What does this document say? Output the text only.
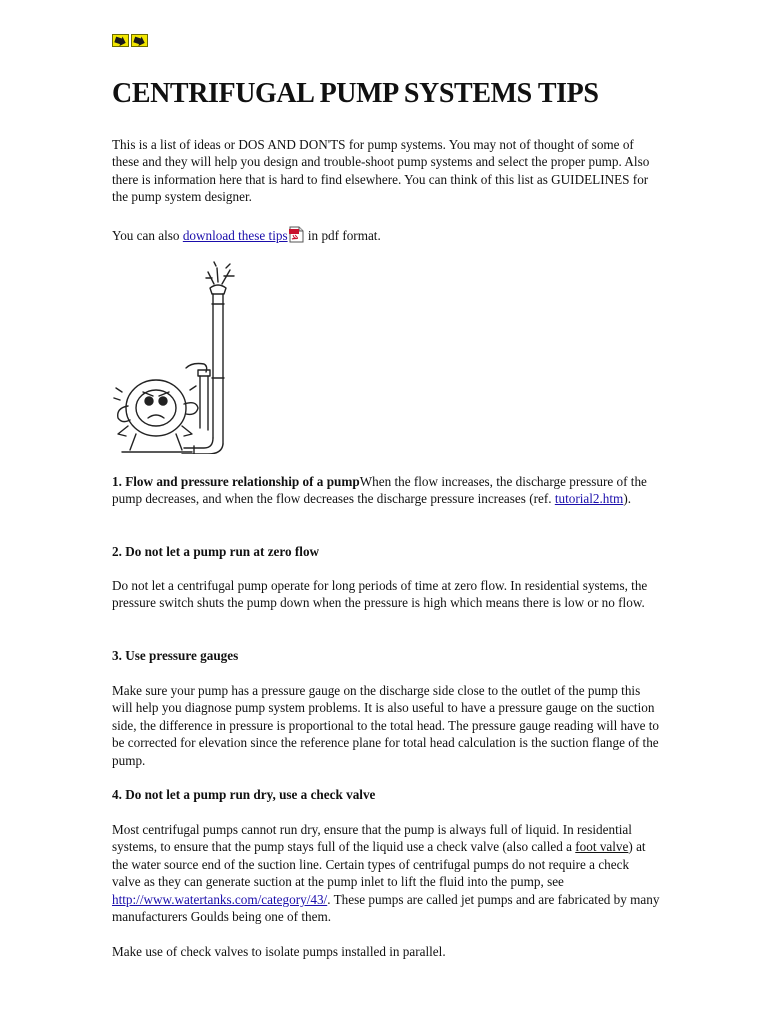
CENTRIFUGAL PUMP SYSTEMS TIPS

This is a list of ideas or DOS AND DON'TS for pump systems. You may not of thought of some of these and they will help you design and trouble-shoot pump systems and select the proper pump. Also there is information here that is hard to find elsewhere. You can think of this list as GUIDELINES for the pump system designer.

You can also download these tips in pdf format.

1. Flow and pressure relationship of a pumpWhen the flow increases, the discharge pressure of the pump decreases, and when the flow decreases the discharge pressure increases (ref. tutorial2.htm).

2. Do not let a pump run at zero flow

Do not let a centrifugal pump operate for long periods of time at zero flow. In residential systems, the pressure switch shuts the pump down when the pressure is high which means there is low or no flow.

3. Use pressure gauges

Make sure your pump has a pressure gauge on the discharge side close to the outlet of the pump this will help you diagnose pump system problems. It is also useful to have a pressure gauge on the suction side, the difference in pressure is proportional to the total head. The pressure gauge reading will have to be corrected for elevation since the reference plane for total head calculation is the suction flange of the pump.

4. Do not let a pump run dry, use a check valve

Most centrifugal pumps cannot run dry, ensure that the pump is always full of liquid. In residential systems, to ensure that the pump stays full of the liquid use a check valve (also called a foot valve) at the water source end of the suction line. Certain types of centrifugal pumps do not require a check valve as they can generate suction at the pump inlet to lift the fluid into the pump, see http://www.watertanks.com/category/43/. These pumps are called jet pumps and are fabricated by many manufacturers Goulds being one of them.

Make use of check valves to isolate pumps installed in parallel.
